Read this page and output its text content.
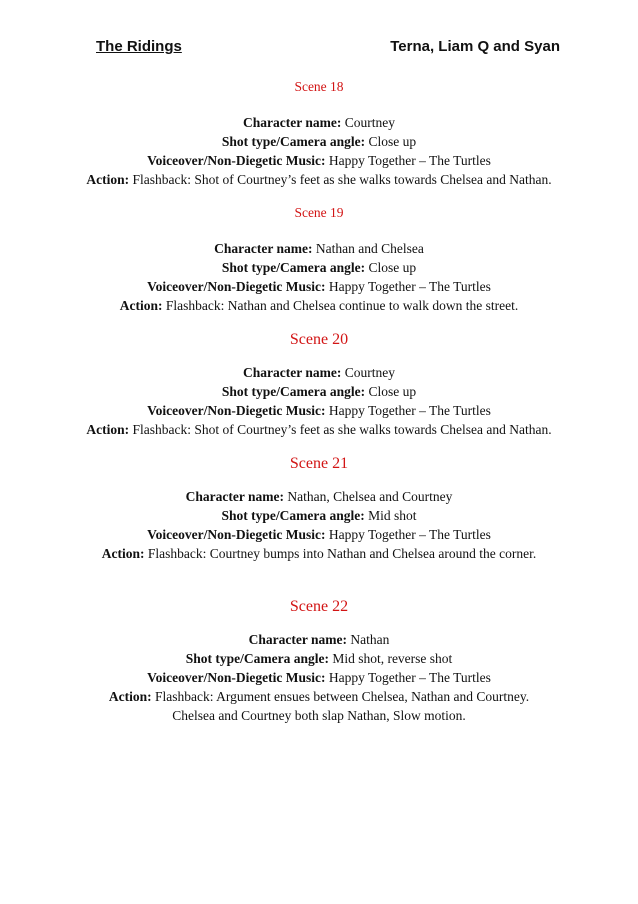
The Ridings	Terna, Liam Q and Syan

Scene 18

Character name: Courtney

Shot type/Camera angle: Close up

Voiceover/Non-Diegetic Music: Happy Together – The Turtles

Action: Flashback: Shot of Courtney’s feet as she walks towards Chelsea and Nathan.

Scene 19

Character name: Nathan and Chelsea

Shot type/Camera angle: Close up

Voiceover/Non-Diegetic Music: Happy Together – The Turtles

Action: Flashback: Nathan and Chelsea continue to walk down the street.

Scene 20

Character name: Courtney

Shot type/Camera angle: Close up

Voiceover/Non-Diegetic Music: Happy Together – The Turtles

Action: Flashback: Shot of Courtney’s feet as she walks towards Chelsea and Nathan.

Scene 21

Character name: Nathan, Chelsea and Courtney

Shot type/Camera angle: Mid shot

Voiceover/Non-Diegetic Music: Happy Together – The Turtles

Action: Flashback: Courtney bumps into Nathan and Chelsea around the corner.

Scene 22

Character name: Nathan

Shot type/Camera angle: Mid shot, reverse shot

Voiceover/Non-Diegetic Music: Happy Together – The Turtles

Action: Flashback: Argument ensues between Chelsea, Nathan and Courtney. Chelsea and Courtney both slap Nathan, Slow motion.
